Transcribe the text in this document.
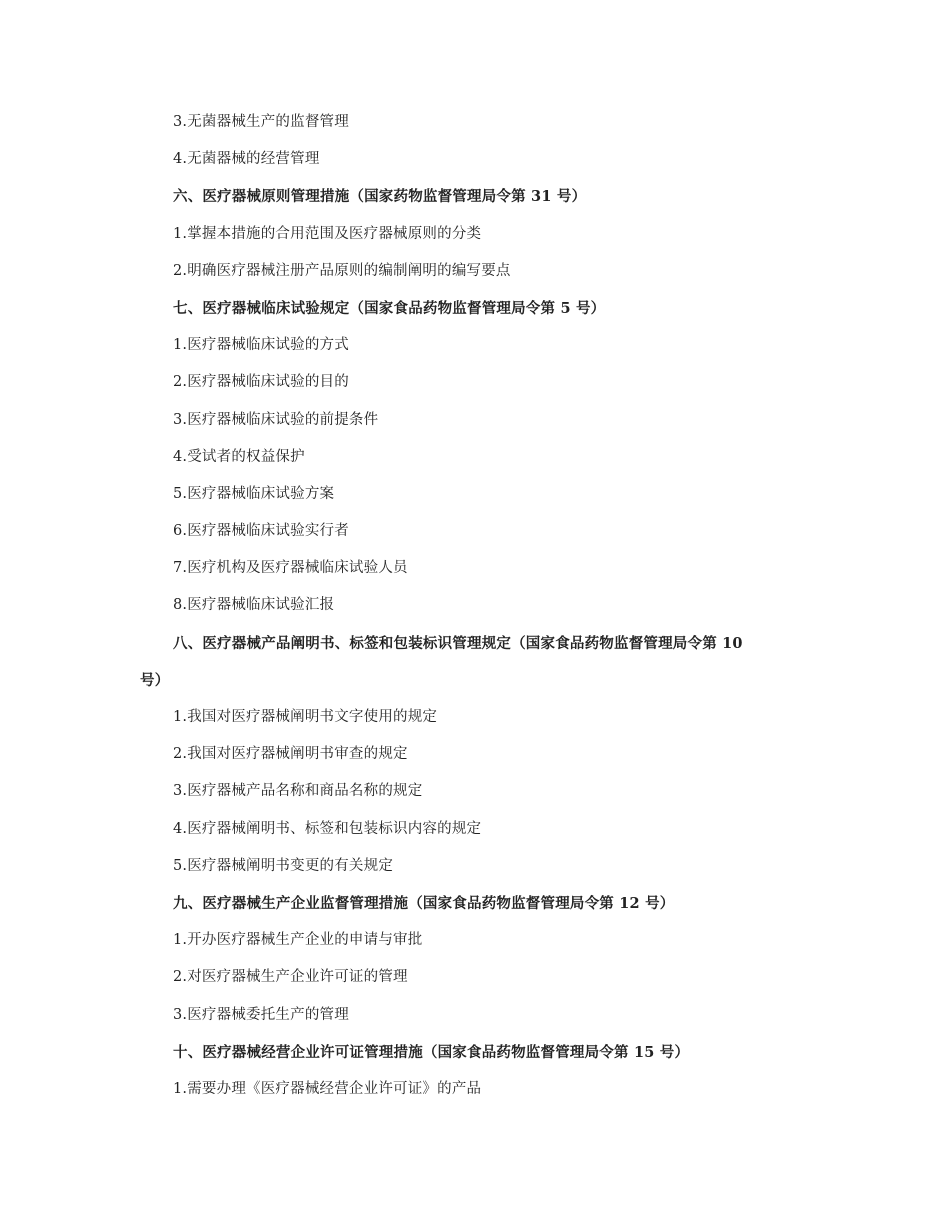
3.无菌器械生产的监督管理
4.无菌器械的经营管理
六、医疗器械原则管理措施（国家药物监督管理局令第 31 号）
1.掌握本措施的合用范围及医疗器械原则的分类
2.明确医疗器械注册产品原则的编制阐明的编写要点
七、医疗器械临床试验规定（国家食品药物监督管理局令第 5 号）
1.医疗器械临床试验的方式
2.医疗器械临床试验的目的
3.医疗器械临床试验的前提条件
4.受试者的权益保护
5.医疗器械临床试验方案
6.医疗器械临床试验实行者
7.医疗机构及医疗器械临床试验人员
8.医疗器械临床试验汇报
八、医疗器械产品阐明书、标签和包装标识管理规定（国家食品药物监督管理局令第 10
号）
1.我国对医疗器械阐明书文字使用的规定
2.我国对医疗器械阐明书审查的规定
3.医疗器械产品名称和商品名称的规定
4.医疗器械阐明书、标签和包装标识内容的规定
5.医疗器械阐明书变更的有关规定
九、医疗器械生产企业监督管理措施（国家食品药物监督管理局令第 12 号）
1.开办医疗器械生产企业的申请与审批
2.对医疗器械生产企业许可证的管理
3.医疗器械委托生产的管理
十、医疗器械经营企业许可证管理措施（国家食品药物监督管理局令第 15 号）
1.需要办理《医疗器械经营企业许可证》的产品
